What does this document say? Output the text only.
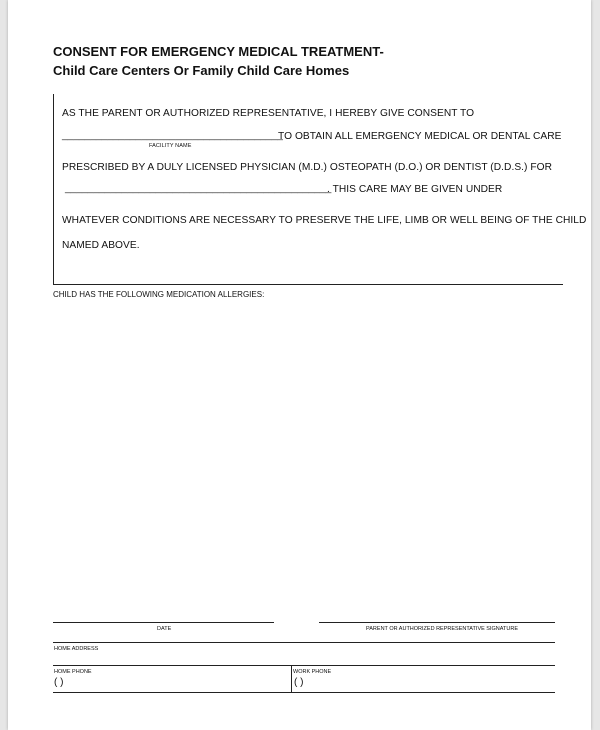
CONSENT FOR EMERGENCY MEDICAL TREATMENT-
Child Care Centers Or Family Child Care Homes
AS THE PARENT OR AUTHORIZED REPRESENTATIVE, I HEREBY GIVE CONSENT TO
_______________________________________
TO OBTAIN ALL EMERGENCY MEDICAL OR DENTAL CARE
FACILITY NAME
PRESCRIBED BY A DULY LICENSED PHYSICIAN (M.D.) OSTEOPATH (D.O.) OR DENTIST (D.D.S.) FOR
_______________________________________________
. THIS CARE MAY BE GIVEN UNDER
WHATEVER CONDITIONS ARE NECESSARY TO PRESERVE THE LIFE, LIMB OR WELL BEING OF THE CHILD
NAMED ABOVE.
CHILD HAS THE FOLLOWING MEDICATION ALLERGIES:
DATE	PARENT OR AUTHORIZED REPRESENTATIVE SIGNATURE
HOME ADDRESS
HOME PHONE	WORK PHONE
( )	( )
